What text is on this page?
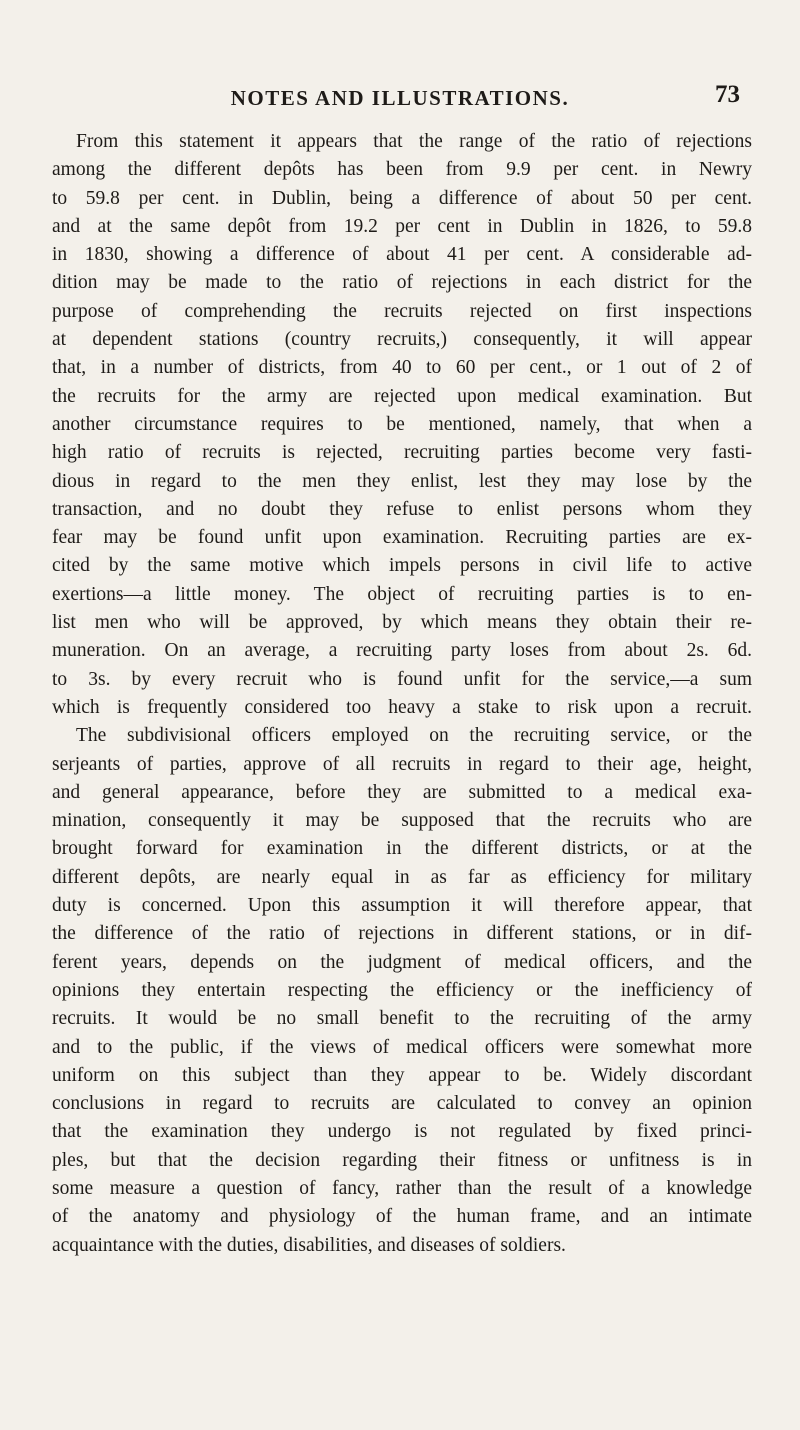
NOTES AND ILLUSTRATIONS.	73
From this statement it appears that the range of the ratio of rejections
among the different depôts has been from 9.9 per cent. in Newry
to 59.8 per cent. in Dublin, being a difference of about 50 per cent.
and at the same depôt from 19.2 per cent in Dublin in 1826, to 59.8
in 1830, showing a difference of about 41 per cent. A considerable ad-
dition may be made to the ratio of rejections in each district for the
purpose of comprehending the recruits rejected on first inspections
at dependent stations (country recruits,) consequently, it will appear
that, in a number of districts, from 40 to 60 per cent., or 1 out of 2 of
the recruits for the army are rejected upon medical examination. But
another circumstance requires to be mentioned, namely, that when a
high ratio of recruits is rejected, recruiting parties become very fasti-
dious in regard to the men they enlist, lest they may lose by the
transaction, and no doubt they refuse to enlist persons whom they
fear may be found unfit upon examination. Recruiting parties are ex-
cited by the same motive which impels persons in civil life to active
exertions—a little money. The object of recruiting parties is to en-
list men who will be approved, by which means they obtain their re-
muneration. On an average, a recruiting party loses from about 2s. 6d.
to 3s. by every recruit who is found unfit for the service,—a sum
which is frequently considered too heavy a stake to risk upon a recruit.
The subdivisional officers employed on the recruiting service, or the
serjeants of parties, approve of all recruits in regard to their age, height,
and general appearance, before they are submitted to a medical exa-
mination, consequently it may be supposed that the recruits who are
brought forward for examination in the different districts, or at the
different depôts, are nearly equal in as far as efficiency for military
duty is concerned. Upon this assumption it will therefore appear, that
the difference of the ratio of rejections in different stations, or in dif-
ferent years, depends on the judgment of medical officers, and the
opinions they entertain respecting the efficiency or the inefficiency of
recruits. It would be no small benefit to the recruiting of the army
and to the public, if the views of medical officers were somewhat more
uniform on this subject than they appear to be. Widely discordant
conclusions in regard to recruits are calculated to convey an opinion
that the examination they undergo is not regulated by fixed princi-
ples, but that the decision regarding their fitness or unfitness is in
some measure a question of fancy, rather than the result of a knowledge
of the anatomy and physiology of the human frame, and an intimate
acquaintance with the duties, disabilities, and diseases of soldiers.
